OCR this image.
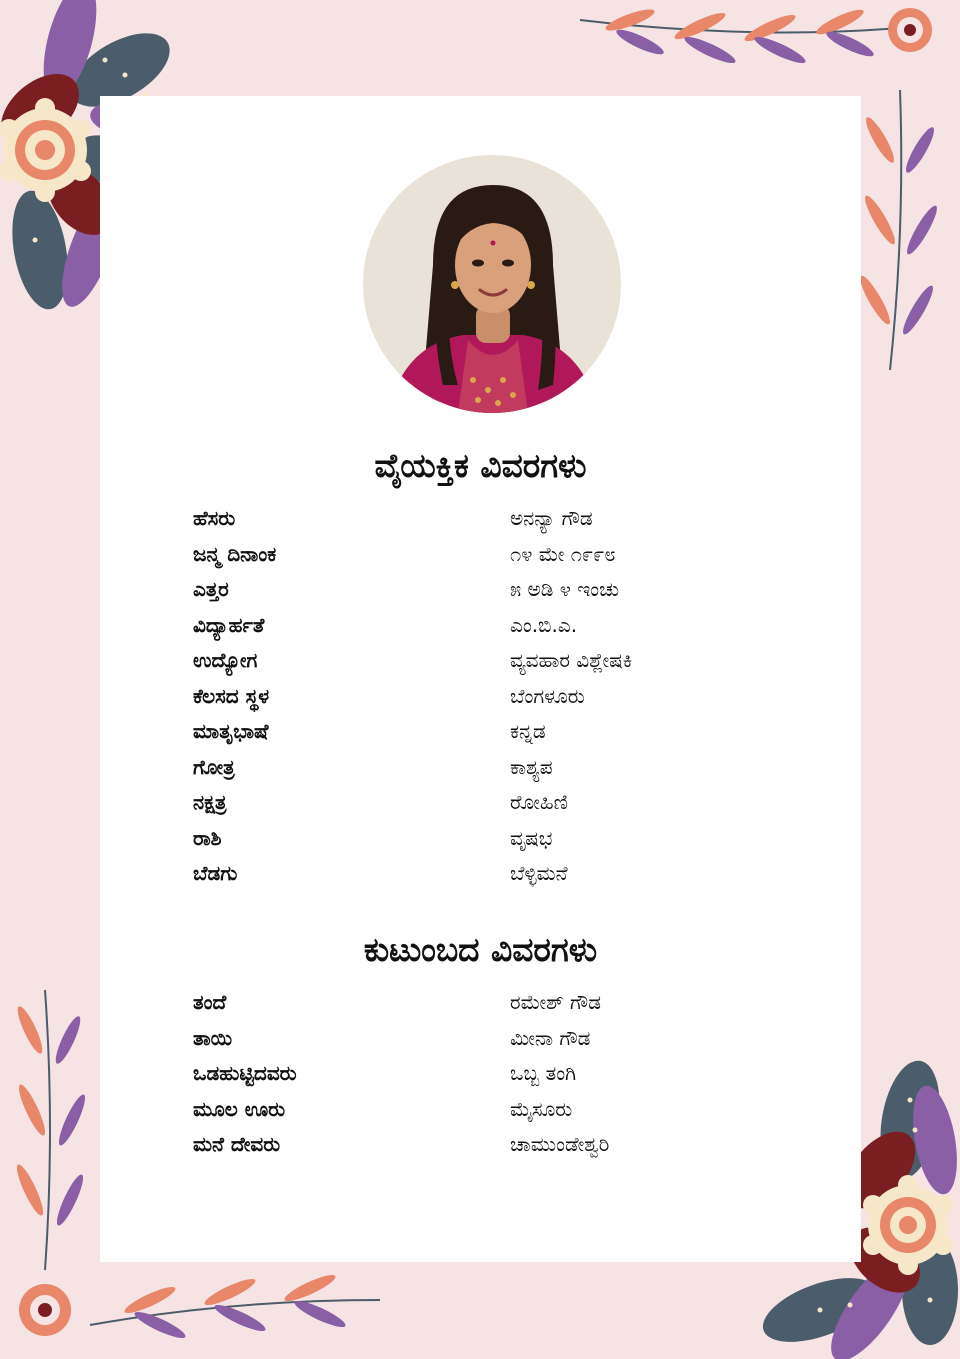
ವೈಯಕ್ತಿಕ ವಿವರಗಳು
ಹೆಸರು	ಅನನ್ಯಾ ಗೌಡ
ಜನ್ಮ ದಿನಾಂಕ	೧೪ ಮೇ ೧೯೯೮
ಎತ್ತರ	೫ ಅಡಿ ೪ ಇಂಚು
ವಿದ್ಯಾರ್ಹತೆ	ಎಂ.ಬಿ.ಎ.
ಉದ್ಯೋಗ	ವ್ಯವಹಾರ ವಿಶ್ಲೇಷಕಿ
ಕೆಲಸದ ಸ್ಥಳ	ಬೆಂಗಳೂರು
ಮಾತೃಭಾಷೆ	ಕನ್ನಡ
ಗೋತ್ರ	ಕಾಶ್ಯಪ
ನಕ್ಷತ್ರ	ರೋಹಿಣಿ
ರಾಶಿ	ವೃಷಭ
ಬೆಡಗು	ಬೆಳ್ಳಿಮನೆ
ಕುಟುಂಬದ ವಿವರಗಳು
ತಂದೆ	ರಮೇಶ್ ಗೌಡ
ತಾಯಿ	ಮೀನಾ ಗೌಡ
ಒಡಹುಟ್ಟಿದವರು	ಒಬ್ಬ ತಂಗಿ
ಮೂಲ ಊರು	ಮೈಸೂರು
ಮನೆ ದೇವರು	ಚಾಮುಂಡೇಶ್ವರಿ
